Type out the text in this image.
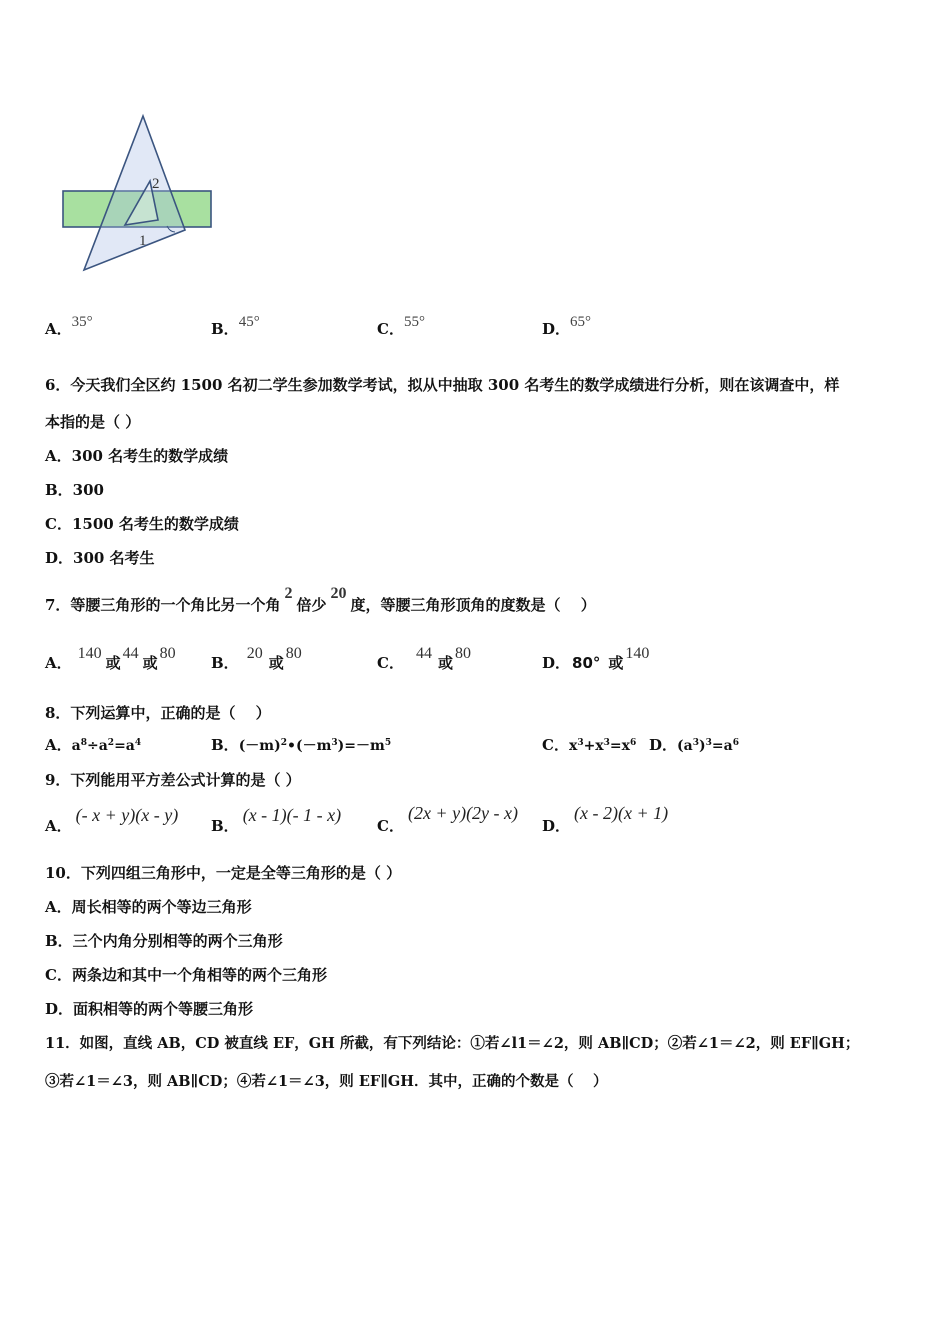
2
1
A．35°	B．45°	C．55°	D．65°
6．今天我们全区约 1500 名初二学生参加数学考试，拟从中抽取 300 名考生的数学成绩进行分析，则在该调查中，样
本指的是（ ）
A．300 名考生的数学成绩
B．300
C．1500 名考生的数学成绩
D．300 名考生
7．等腰三角形的一个角比另一个角2倍少20度，等腰三角形顶角的度数是（　 ）
A．140或44或80
B．20或80
C．44或80
D． 80° 或140
8．下列运算中，正确的是（　 ）
A．$a^8\div a^2=a^4$	B．$(-m)^2•(-m^3)=-m^5$	C．$x^3+x^3=x^6$ D．$(a^3)^3=a^6$
9．下列能用平方差公式计算的是（ ）
A．(- x + y)(x - y)
B．(x - 1)(- 1 - x)
C．(2x + y)(2y - x)
D．(x - 2)(x + 1)
10．下列四组三角形中，一定是全等三角形的是（ ）
A．周长相等的两个等边三角形
B．三个内角分别相等的两个三角形
C．两条边和其中一个角相等的两个三角形
D．面积相等的两个等腰三角形
11．如图，直线 AB，CD 被直线 EF，GH 所截，有下列结论：①若∠l1＝∠2，则 AB∥CD；②若∠1＝∠2，则 EF∥GH；
③若∠1＝∠3，则 AB∥CD；④若∠1＝∠3，则 EF∥GH．其中，正确的个数是（　 ）
